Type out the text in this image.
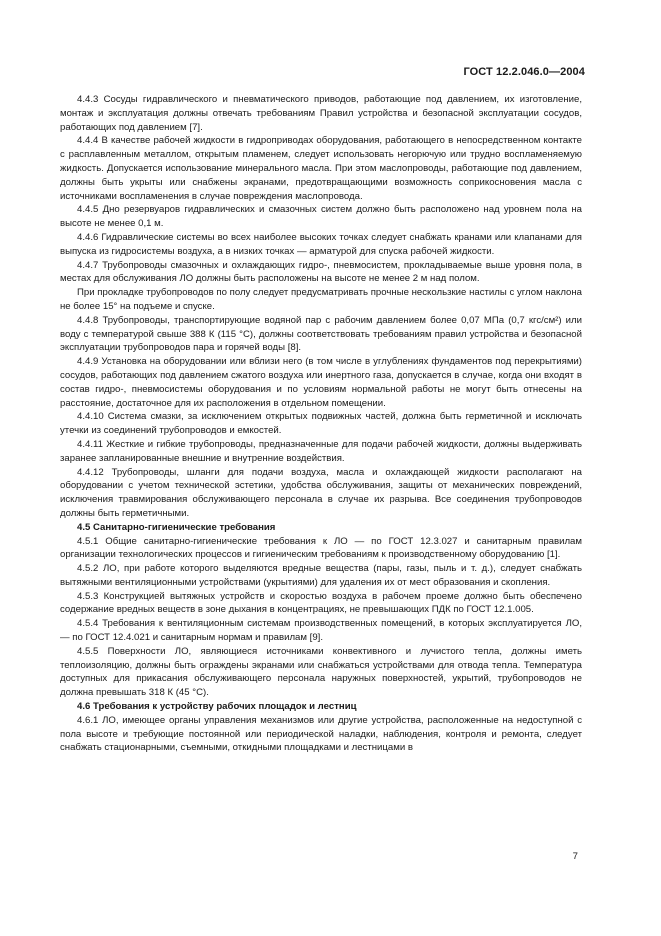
ГОСТ 12.2.046.0—2004

4.4.3 Сосуды гидравлического и пневматического приводов, работающие под давлением, их изготовление, монтаж и эксплуатация должны отвечать требованиям Правил устройства и безопасной эксплуатации сосудов, работающих под давлением [7].

4.4.4 В качестве рабочей жидкости в гидроприводах оборудования, работающего в непосредственном контакте с расплавленным металлом, открытым пламенем, следует использовать негорючую или трудно воспламеняемую жидкость. Допускается использование минерального масла. При этом маслопроводы, работающие под давлением, должны быть укрыты или снабжены экранами, предотвращающими возможность соприкосновения масла с источниками воспламенения в случае повреждения маслопровода.

4.4.5 Дно резервуаров гидравлических и смазочных систем должно быть расположено над уровнем пола на высоте не менее 0,1 м.

4.4.6 Гидравлические системы во всех наиболее высоких точках следует снабжать кранами или клапанами для выпуска из гидросистемы воздуха, а в низких точках — арматурой для спуска рабочей жидкости.

4.4.7 Трубопроводы смазочных и охлаждающих гидро-, пневмосистем, прокладываемые выше уровня пола, в местах для обслуживания ЛО должны быть расположены на высоте не менее 2 м над полом.

При прокладке трубопроводов по полу следует предусматривать прочные нескользкие настилы с углом наклона не более 15° на подъеме и спуске.

4.4.8 Трубопроводы, транспортирующие водяной пар с рабочим давлением более 0,07 МПа (0,7 кгс/см²) или воду с температурой свыше 388 К (115 °С), должны соответствовать требованиям правил устройства и безопасной эксплуатации трубопроводов пара и горячей воды [8].

4.4.9 Установка на оборудовании или вблизи него (в том числе в углублениях фундаментов под перекрытиями) сосудов, работающих под давлением сжатого воздуха или инертного газа, допускается в случае, когда они входят в состав гидро-, пневмосистемы оборудования и по условиям нормальной работы не могут быть отнесены на расстояние, достаточное для их расположения в отдельном помещении.

4.4.10 Система смазки, за исключением открытых подвижных частей, должна быть герметичной и исключать утечки из соединений трубопроводов и емкостей.

4.4.11 Жесткие и гибкие трубопроводы, предназначенные для подачи рабочей жидкости, должны выдерживать заранее запланированные внешние и внутренние воздействия.

4.4.12 Трубопроводы, шланги для подачи воздуха, масла и охлаждающей жидкости располагают на оборудовании с учетом технической эстетики, удобства обслуживания, защиты от механических повреждений, исключения травмирования обслуживающего персонала в случае их разрыва. Все соединения трубопроводов должны быть герметичными.

4.5 Санитарно-гигиенические требования

4.5.1 Общие санитарно-гигиенические требования к ЛО — по ГОСТ 12.3.027 и санитарным правилам организации технологических процессов и гигиеническим требованиям к производственному оборудованию [1].

4.5.2 ЛО, при работе которого выделяются вредные вещества (пары, газы, пыль и т. д.), следует снабжать вытяжными вентиляционными устройствами (укрытиями) для удаления их от мест образования и скопления.

4.5.3 Конструкцией вытяжных устройств и скоростью воздуха в рабочем проеме должно быть обеспечено содержание вредных веществ в зоне дыхания в концентрациях, не превышающих ПДК по ГОСТ 12.1.005.

4.5.4 Требования к вентиляционным системам производственных помещений, в которых эксплуатируется ЛО, — по ГОСТ 12.4.021 и санитарным нормам и правилам [9].

4.5.5 Поверхности ЛО, являющиеся источниками конвективного и лучистого тепла, должны иметь теплоизоляцию, должны быть ограждены экранами или снабжаться устройствами для отвода тепла. Температура доступных для прикасания обслуживающего персонала наружных поверхностей, укрытий, трубопроводов не должна превышать 318 К (45 °С).

4.6 Требования к устройству рабочих площадок и лестниц

4.6.1 ЛО, имеющее органы управления механизмов или другие устройства, расположенные на недоступной с пола высоте и требующие постоянной или периодической наладки, наблюдения, контроля и ремонта, следует снабжать стационарными, съемными, откидными площадками и лестницами в

7
